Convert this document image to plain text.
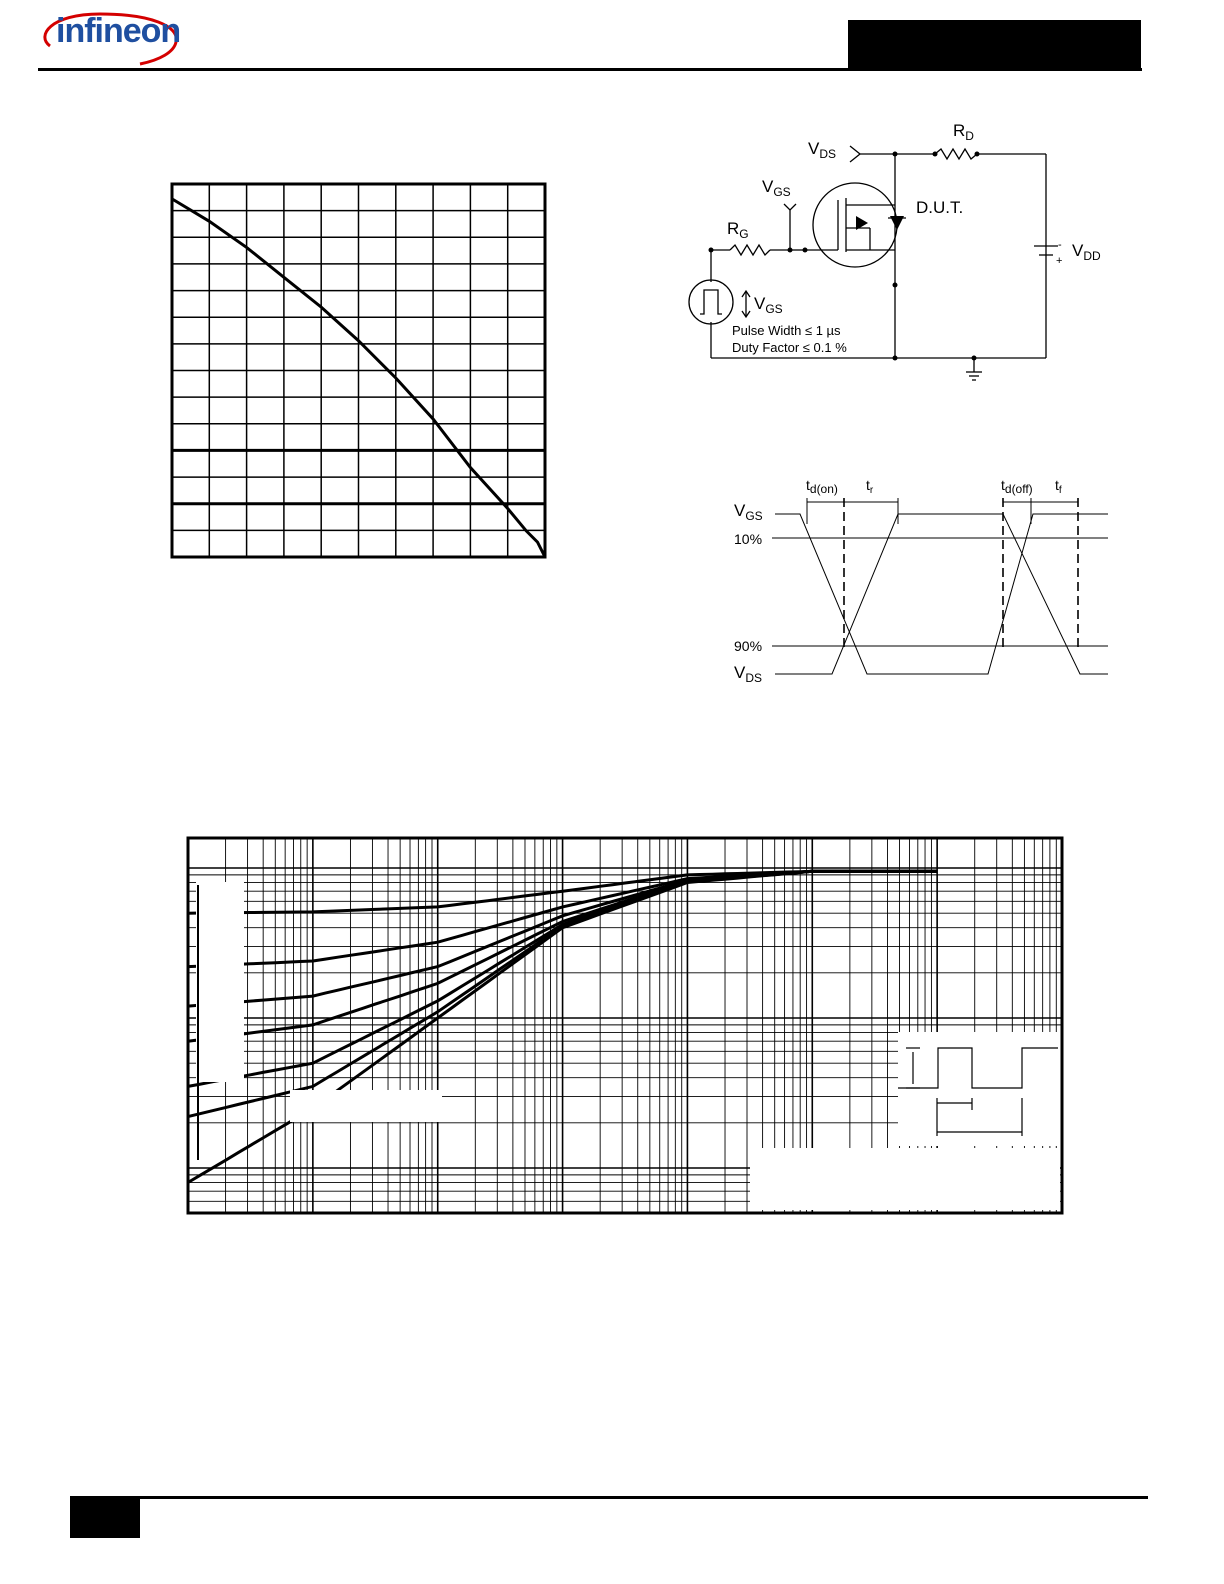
infineon
$V_{DS}$
$R_D$
$V_{GS}$
D.U.T.
$R_G$
$V_{DD}$
-
+
$V_{GS}$
Pulse Width ≤ 1 µs
Duty Factor ≤ 0.1 %
td(on) $t_r$	td(off) $t_f$
$V_{GS}$
10%
90%
$V_{DS}$
